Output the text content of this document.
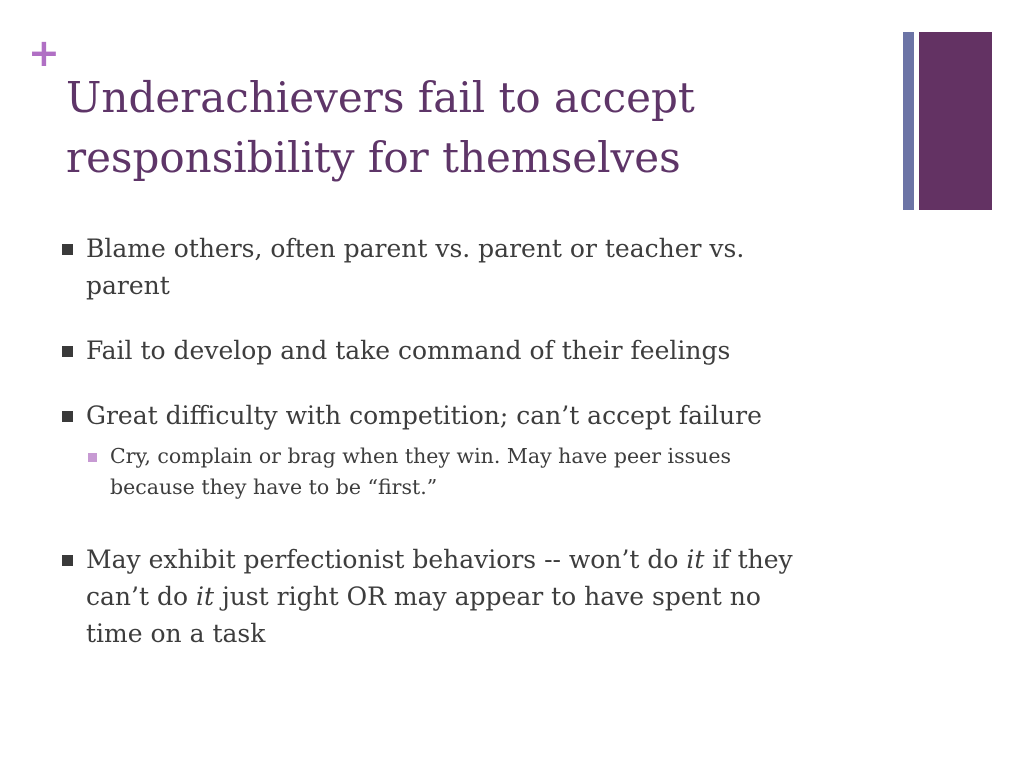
+
Underachievers fail to accept
responsibility for themselves
Blame others, often parent vs. parent or teacher vs.
parent
Fail to develop and take command of their feelings
Great difficulty with competition; can’t accept failure
Cry, complain or brag when they win. May have peer issues
because they have to be “first.”
May exhibit perfectionist behaviors -- won’t do it if they
can’t do it just right OR may appear to have spent no
time on a task
